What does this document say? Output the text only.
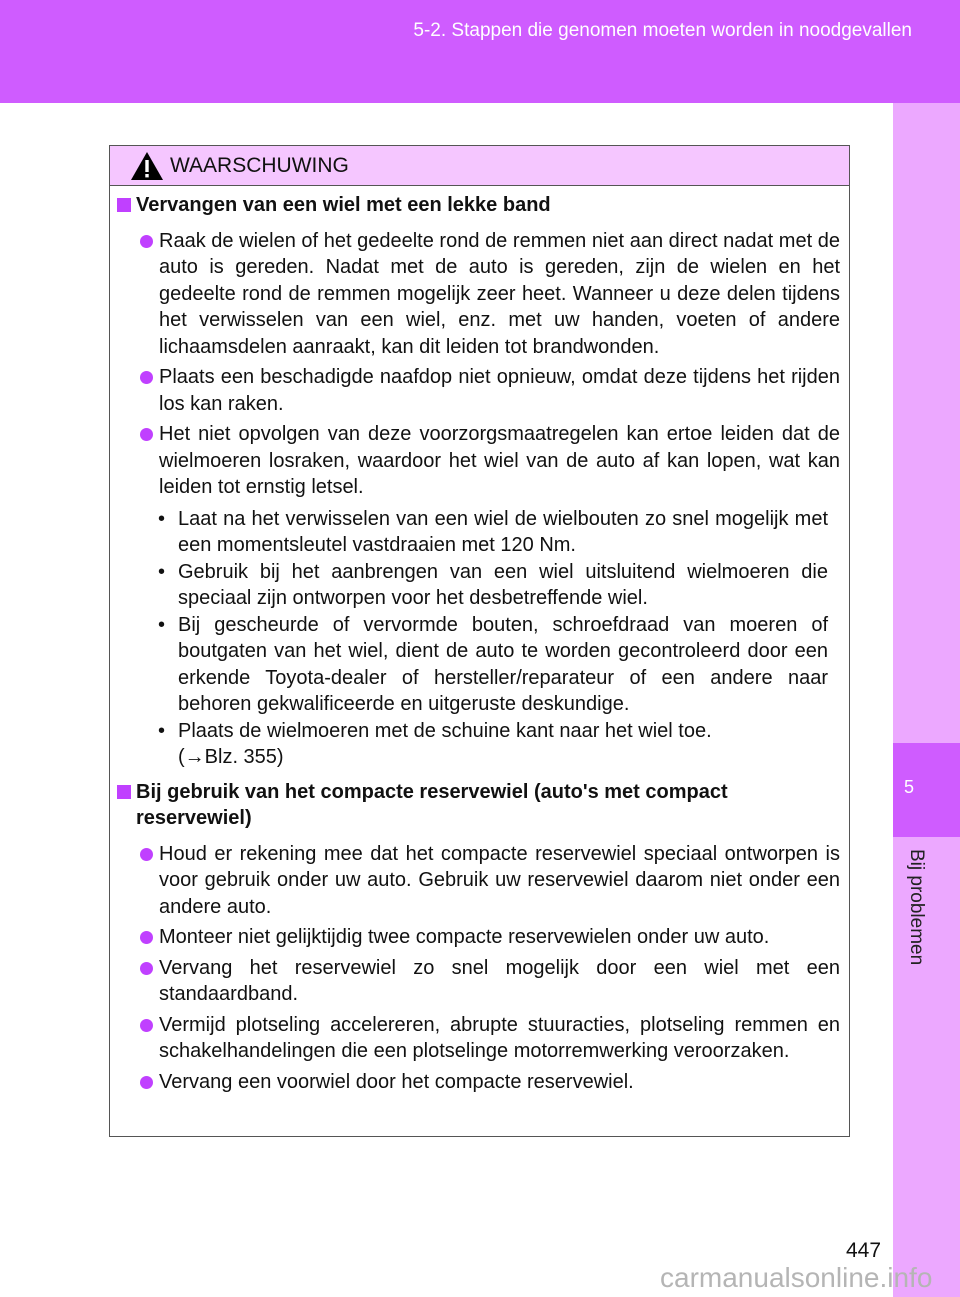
5-2. Stappen die genomen moeten worden in noodgevallen
5
Bij problemen
WAARSCHUWING
Vervangen van een wiel met een lekke band
Raak de wielen of het gedeelte rond de remmen niet aan direct nadat met de auto is gereden. Nadat met de auto is gereden, zijn de wielen en het gedeelte rond de remmen mogelijk zeer heet. Wanneer u deze delen tijdens het verwisselen van een wiel, enz. met uw handen, voeten of andere lichaamsdelen aanraakt, kan dit leiden tot brandwonden.
Plaats een beschadigde naafdop niet opnieuw, omdat deze tijdens het rijden los kan raken.
Het niet opvolgen van deze voorzorgsmaatregelen kan ertoe leiden dat de wielmoeren losraken, waardoor het wiel van de auto af kan lopen, wat kan leiden tot ernstig letsel.
• Laat na het verwisselen van een wiel de wielbouten zo snel mogelijk met een momentsleutel vastdraaien met 120 Nm.
• Gebruik bij het aanbrengen van een wiel uitsluitend wielmoeren die speciaal zijn ontworpen voor het desbetreffende wiel.
• Bij gescheurde of vervormde bouten, schroefdraad van moeren of boutgaten van het wiel, dient de auto te worden gecontroleerd door een erkende Toyota-dealer of hersteller/reparateur of een andere naar behoren gekwalificeerde en uitgeruste deskundige.
• Plaats de wielmoeren met de schuine kant naar het wiel toe.
(→Blz. 355)
Bij gebruik van het compacte reservewiel (auto's met compact reservewiel)
Houd er rekening mee dat het compacte reservewiel speciaal ontworpen is voor gebruik onder uw auto. Gebruik uw reservewiel daarom niet onder een andere auto.
Monteer niet gelijktijdig twee compacte reservewielen onder uw auto.
Vervang het reservewiel zo snel mogelijk door een wiel met een standaardband.
Vermijd plotseling accelereren, abrupte stuuracties, plotseling remmen en schakelhandelingen die een plotselinge motorremwerking veroorzaken.
Vervang een voorwiel door het compacte reservewiel.
447
carmanualsonline.info
